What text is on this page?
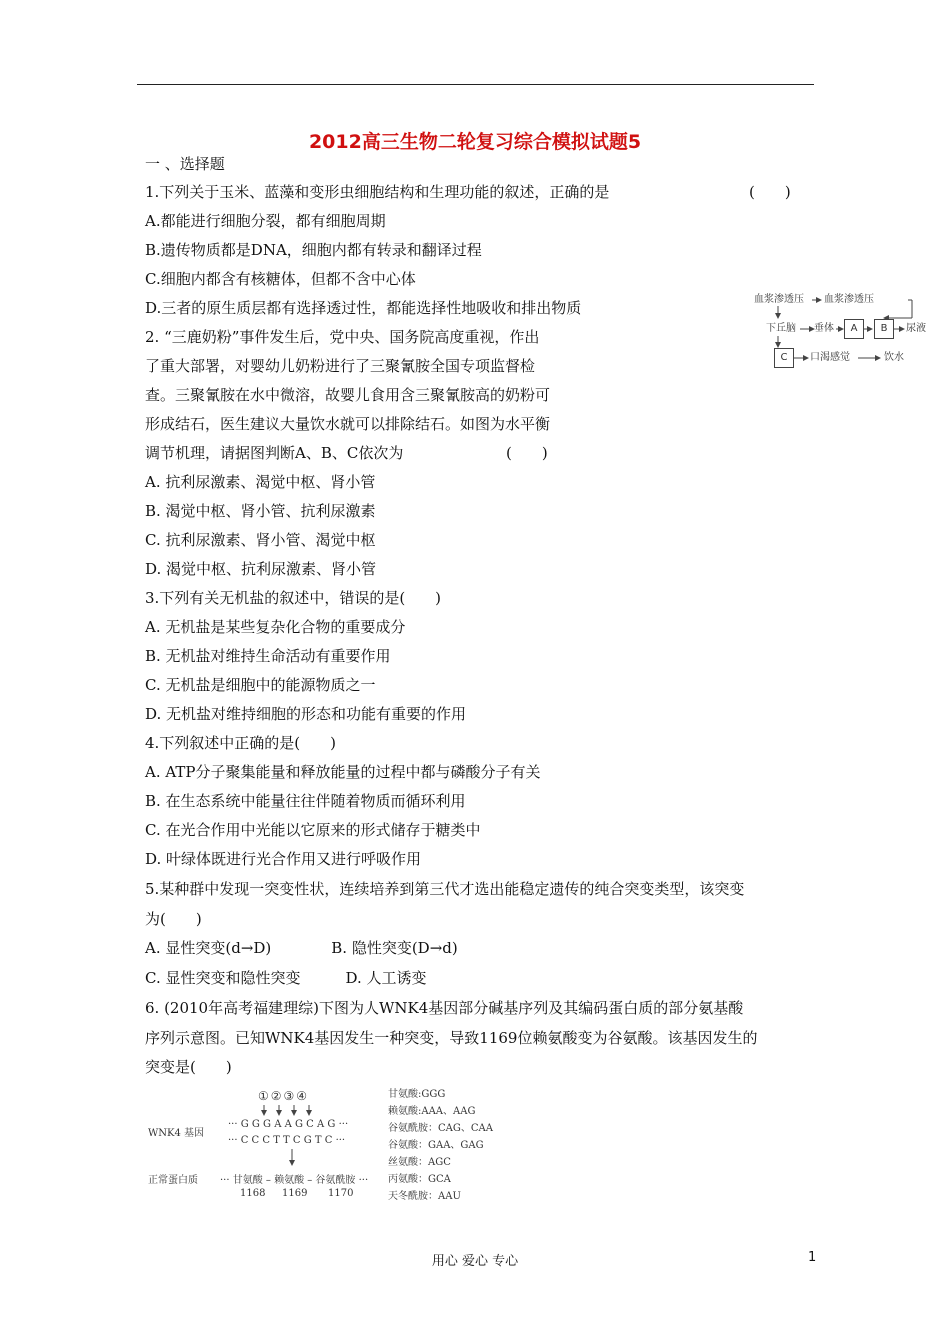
2012高三生物二轮复习综合模拟试题5
一 、选择题
1.下列关于玉米、蓝藻和变形虫细胞结构和生理功能的叙述，正确的是	(　　)
A.都能进行细胞分裂，都有细胞周期
B.遗传物质都是DNA，细胞内都有转录和翻译过程
C.细胞内都含有核糖体，但都不含中心体
D.三者的原生质层都有选择透过性，都能选择性地吸收和排出物质
2. “三鹿奶粉”事件发生后，党中央、国务院高度重视，作出
了重大部署，对婴幼儿奶粉进行了三聚氰胺全国专项监督检
查。三聚氰胺在水中微溶，故婴儿食用含三聚氰胺高的奶粉可
形成结石，医生建议大量饮水就可以排除结石。如图为水平衡
调节机理，请据图判断A、B、C依次为	(　　)
A. 抗利尿激素、渴觉中枢、肾小管
B. 渴觉中枢、肾小管、抗利尿激素
C. 抗利尿激素、肾小管、渴觉中枢
D. 渴觉中枢、抗利尿激素、肾小管
3.下列有关无机盐的叙述中，错误的是(　　)
A. 无机盐是某些复杂化合物的重要成分
B. 无机盐对维持生命活动有重要作用
C. 无机盐是细胞中的能源物质之一
D. 无机盐对维持细胞的形态和功能有重要的作用
4.下列叙述中正确的是(　　)
A. ATP分子聚集能量和释放能量的过程中都与磷酸分子有关
B. 在生态系统中能量往往伴随着物质而循环利用
C. 在光合作用中光能以它原来的形式储存于糖类中
D. 叶绿体既进行光合作用又进行呼吸作用
5.某种群中发现一突变性状，连续培养到第三代才选出能稳定遗传的纯合突变类型，该突变
为(　　)
A. 显性突变(d→D)　　　　B. 隐性突变(D→d)
C. 显性突变和隐性突变　　　D. 人工诱变
6. (2010年高考福建理综)下图为人WNK4基因部分碱基序列及其编码蛋白质的部分氨基酸
序列示意图。已知WNK4基因发生一种突变，导致1169位赖氨酸变为谷氨酸。该基因发生的
突变是(　　)
血浆渗透压 血浆渗透压
下丘脑 垂体	A	B	尿液
C	口渴感觉	饮水
①②③④
··· G G G A A G C A G ···
WNK4 基因
··· C C C T T C G T C ···
正常蛋白质 ··· 甘氨酸 – 赖氨酸 – 谷氨酰胺 ···
1168 1169 1170
甘氨酸:GGG
赖氨酸:AAA、AAG
谷氨酰胺：CAG、CAA
谷氨酸：GAA、GAG
丝氨酸：AGC
丙氨酸：GCA
天冬酰胺：AAU
用心 爱心 专心	1
